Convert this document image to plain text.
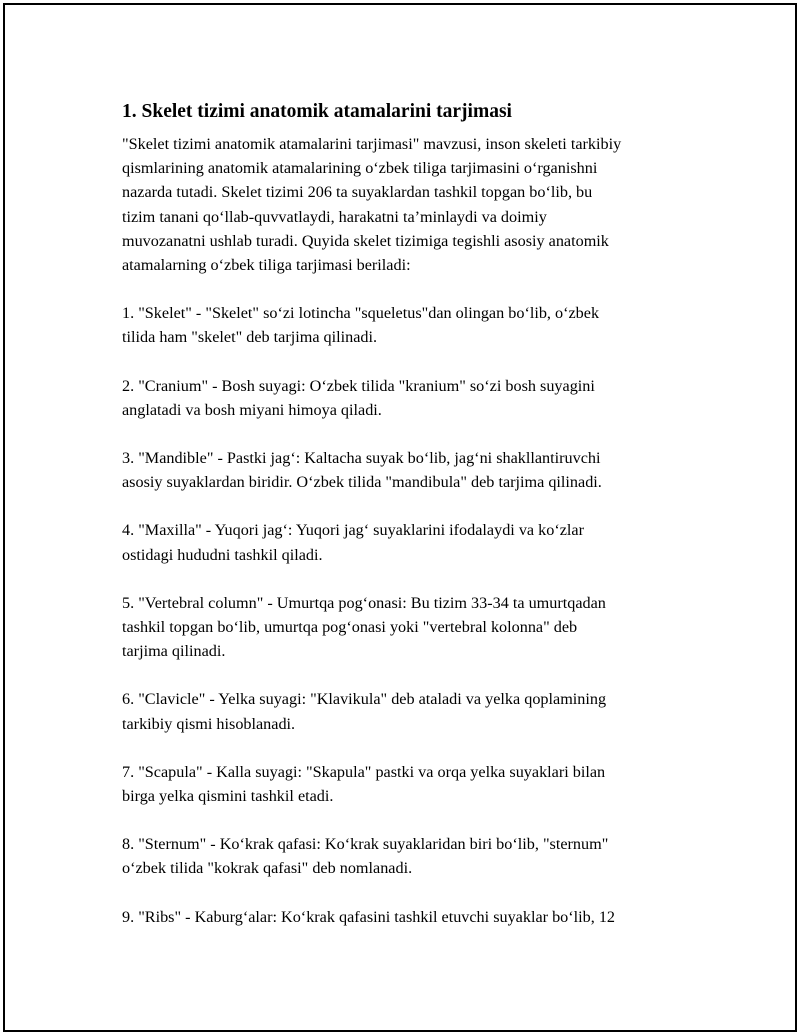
1. Skelet tizimi anatomik atamalarini tarjimasi

"Skelet tizimi anatomik atamalarini tarjimasi" mavzusi, inson skeleti tarkibiy
qismlarining anatomik atamalarining o‘zbek tiligа tarjimasini o‘rganishni
nazarda tutadi. Skelet tizimi 206 ta suyaklardan tashkil topgan bo‘lib, bu
tizim tanani qo‘llab-quvvatlaydi, harakatni ta’minlaydi va doimiy
muvozanatni ushlab turadi. Quyida skelet tizimiga tegishli asosiy anatomik
atamalarning o‘zbek tiligа tarjimasi beriladi:

1. "Skelet" - "Skelet" so‘zi lotincha "squeletus"dan olingan bo‘lib, o‘zbek
tilida ham "skelet" deb tarjima qilinadi.

2. "Cranium" - Bosh suyagi: O‘zbek tilida "kranium" so‘zi bosh suyagini
anglatadi va bosh miyani himoya qiladi.

3. "Mandible" - Pastki jag‘: Kaltacha suyak bo‘lib, jag‘ni shakllantiruvchi
asosiy suyaklardan biridir. O‘zbek tilida "mandibula" deb tarjima qilinadi.

4. "Maxilla" - Yuqori jag‘: Yuqori jag‘ suyaklarini ifodalaydi va ko‘zlar
ostidagi hududni tashkil qiladi.

5. "Vertebral column" - Umurtqa pog‘onasi: Bu tizim 33-34 ta umurtqadan
tashkil topgan bo‘lib, umurtqa pog‘onasi yoki "vertebral kolonna" deb
tarjima qilinadi.

6. "Clavicle" - Yelka suyagi: "Klavikula" deb ataladi va yelka qoplamining
tarkibiy qismi hisoblanadi.

7. "Scapula" - Kalla suyagi: "Skapula" pastki va orqa yelka suyaklari bilan
birga yelka qismini tashkil etadi.

8. "Sternum" - Ko‘krak qafasi: Ko‘krak suyaklaridan biri bo‘lib, "sternum"
o‘zbek tilida "kokrak qafasi" deb nomlanadi.

9. "Ribs" - Kaburg‘alar: Ko‘krak qafasini tashkil etuvchi suyaklar bo‘lib, 12
